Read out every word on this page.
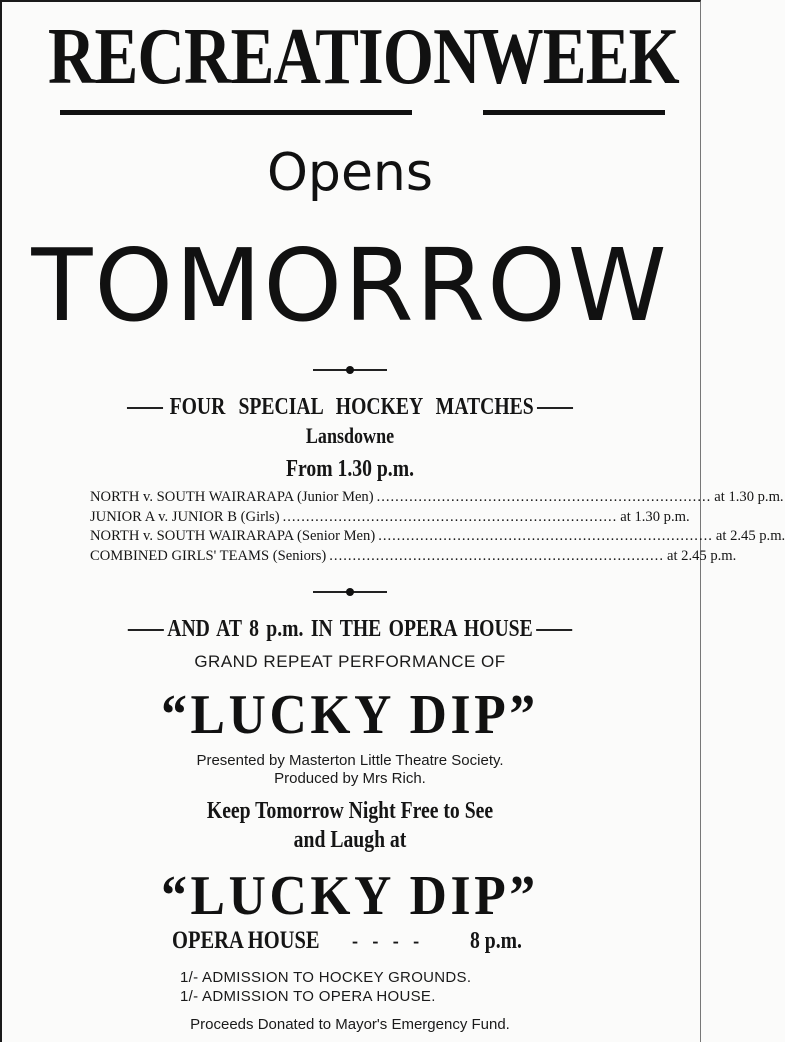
RECREATION
WEEK
Opens
TOMORROW
FOUR SPECIAL HOCKEY MATCHES
Lansdowne
From 1.30 p.m.
NORTH v. SOUTH WAIRARAPA (Junior Men) ........................................................................ at 1.30 p.m.
JUNIOR A v. JUNIOR B (Girls) ........................................................................ at 1.30 p.m.
NORTH v. SOUTH WAIRARAPA (Senior Men) ........................................................................ at 2.45 p.m.
COMBINED GIRLS' TEAMS (Seniors) ........................................................................ at 2.45 p.m.
AND AT 8 p.m. IN THE OPERA HOUSE
GRAND REPEAT PERFORMANCE OF
“LUCKY DIP”
Presented by Masterton Little Theatre Society.
Produced by Mrs Rich.
Keep Tomorrow Night Free to See
and Laugh at
“LUCKY DIP”
OPERA HOUSE - - - - 8 p.m.
1/- ADMISSION TO HOCKEY GROUNDS.
1/- ADMISSION TO OPERA HOUSE.
Proceeds Donated to Mayor's Emergency Fund.
